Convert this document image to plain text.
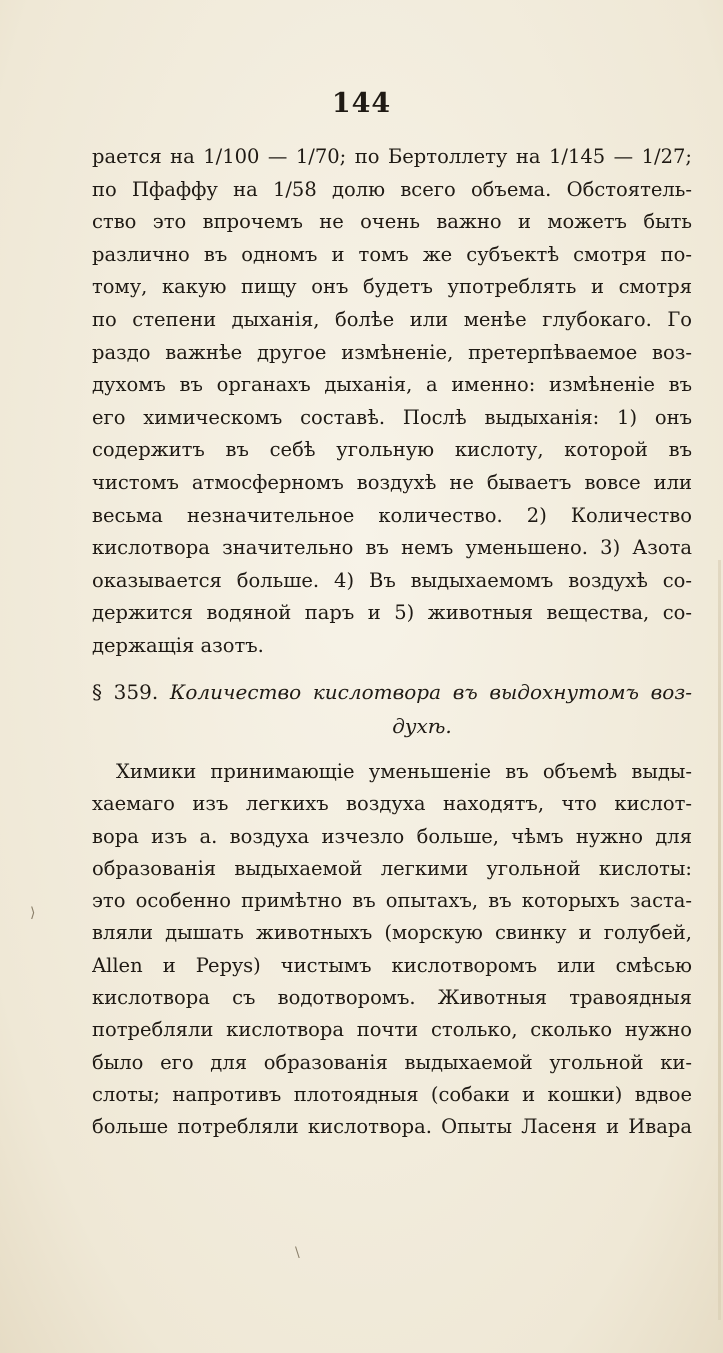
144
рается на 1/100 — 1/70; по Бертоллету на 1/145 — 1/27;
по Пфаффу на 1/58 долю всего объема. Обстоятель-
ство это впрочемъ не очень важно и можетъ быть
различно въ одномъ и томъ же субъектѣ смотря по-
тому, какую пищу онъ будетъ употреблять и смотря
по степени дыханія, болѣе или менѣе глубокаго. Го
раздо важнѣе другое измѣненіе, претерпѣваемое воз-
духомъ въ органахъ дыханія, а именно: измѣненіе въ
его химическомъ составѣ. Послѣ выдыханія: 1) онъ
содержитъ въ себѣ угольную кислоту, которой въ
чистомъ атмосферномъ воздухѣ не бываетъ вовсе или
весьма незначительное количество. 2) Количество
кислотвора значительно въ немъ уменьшено. 3) Азота
оказывается больше. 4) Въ выдыхаемомъ воздухѣ со-
держится водяной паръ и 5) животныя вещества, со-
держащія азотъ.
§ 359. Количество кислотвора въ выдохнутомъ воз-
духѣ.
Химики принимающіе уменьшеніе въ объемѣ выды-
хаемаго изъ легкихъ воздуха находятъ, что кислот-
вора изъ а. воздуха изчезло больше, чѣмъ нужно для
образованія выдыхаемой легкими угольной кислоты:
это особенно примѣтно въ опытахъ, въ которыхъ заста-
вляли дышать животныхъ (морскую свинку и голубей,
Allen и Pepys) чистымъ кислотворомъ или смѣсью
кислотвора съ водотворомъ. Животныя травоядныя
потребляли кислотвора почти столько, сколько нужно
было его для образованія выдыхаемой угольной ки-
слоты; напротивъ плотоядныя (собаки и кошки) вдвое
больше потребляли кислотвора. Опыты Ласеня и Ивара
⟩
\
